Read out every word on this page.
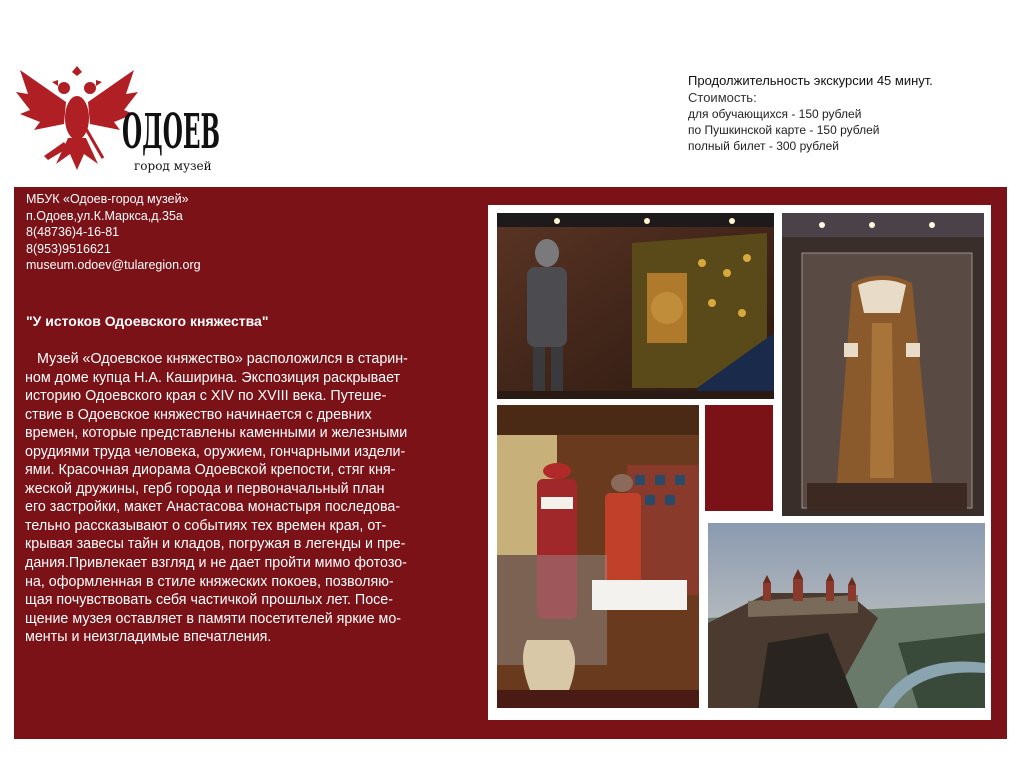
ОДОЕВ
город музей
Продолжительность экскурсии 45 минут.
Стоимость:
для обучающихся - 150 рублей
по Пушкинской карте - 150 рублей
полный билет - 300 рублей
МБУК «Одоев-город музей»
п.Одоев,ул.К.Маркса,д.35а
8(48736)4-16-81
8(953)9516621
museum.odoev@tularegion.org
"У истоков Одоевского княжества"
Музей «Одоевское княжество» расположился в старин-
ном доме купца Н.А. Каширина. Экспозиция раскрывает
историю Одоевского края с XIV по XVIII века. Путеше-
ствие в Одоевское княжество начинается с древних
времен, которые представлены каменными и железными
орудиями труда человека, оружием, гончарными издели-
ями. Красочная диорама Одоевской крепости, стяг кня-
жеской дружины, герб города и первоначальный план
его застройки, макет Анастасова монастыря последова-
тельно рассказывают о событиях тех времен края, от-
крывая завесы тайн и кладов, погружая в легенды и пре-
дания.Привлекает взгляд и не дает пройти мимо фотозо-
на, оформленная в стиле княжеских покоев, позволяю-
щая почувствовать себя частичкой прошлых лет. Посе-
щение музея оставляет в памяти посетителей яркие мо-
менты и неизгладимые впечатления.
